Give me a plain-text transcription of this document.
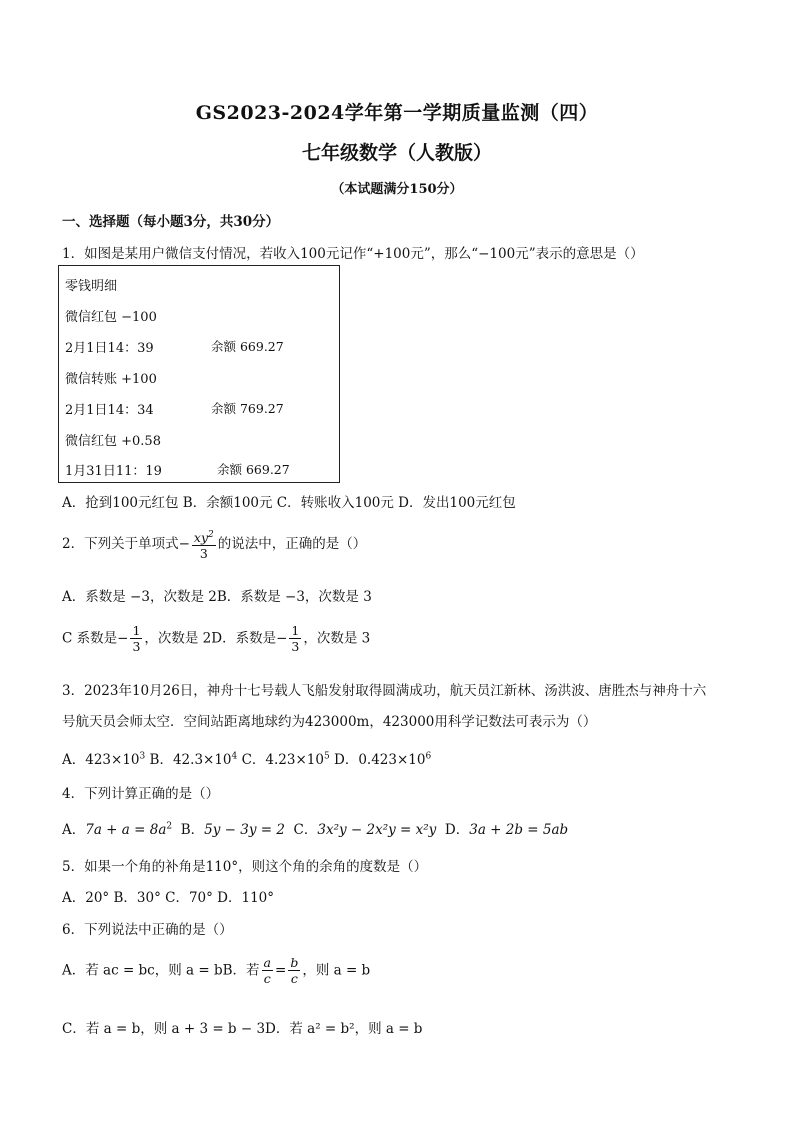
GS2023-2024学年第一学期质量监测（四）
七年级数学（人教版）
（本试题满分150分）
一、选择题（每小题3分，共30分）
1．如图是某用户微信支付情况，若收入100元记作“+100元”，那么“−100元”表示的意思是（）
零钱明细
微信红包 −100
2月1日14：39	余额 669.27
微信转账 +100
2月1日14：34	余额 769.27
微信红包 +0.58
1月31日11：19	余额 669.27
A．抢到100元红包 B．余额100元 C．转账收入100元 D．发出100元红包
2．下列关于单项式− $\frac{xy^2}{3}$ 的说法中，正确的是（）
A．系数是 −3，次数是 2B．系数是 −3，次数是 3
C 系数是− $\frac{1}{3}$ ，次数是 2D．系数是− $\frac{1}{3}$ ，次数是 3
3．2023年10月26日，神舟十七号载人飞船发射取得圆满成功，航天员江新林、汤洪波、唐胜杰与神舟十六
号航天员会师太空．空间站距离地球约为423000m，423000用科学记数法可表示为（）
A．$423\times 10^3$ B．$42.3\times 10^4$ C．$4.23\times 10^5$ D．$0.423\times 10^6$
4．下列计算正确的是（）
A．$7a + a = 8a^2$ B．5y − 3y = 2 C．3x²y − 2x²y = x²y D．3a + 2b = 5ab
5．如果一个角的补角是110°，则这个角的余角的度数是（）
A．20° B．30° C．70° D．110°
6．下列说法中正确的是（）
A．若 ac = bc，则 a = bB．若 $\frac{a}{c} = \frac{b}{c}$ ，则 a = b
C．若 a = b，则 a + 3 = b − 3D．若 a² = b²，则 a = b
